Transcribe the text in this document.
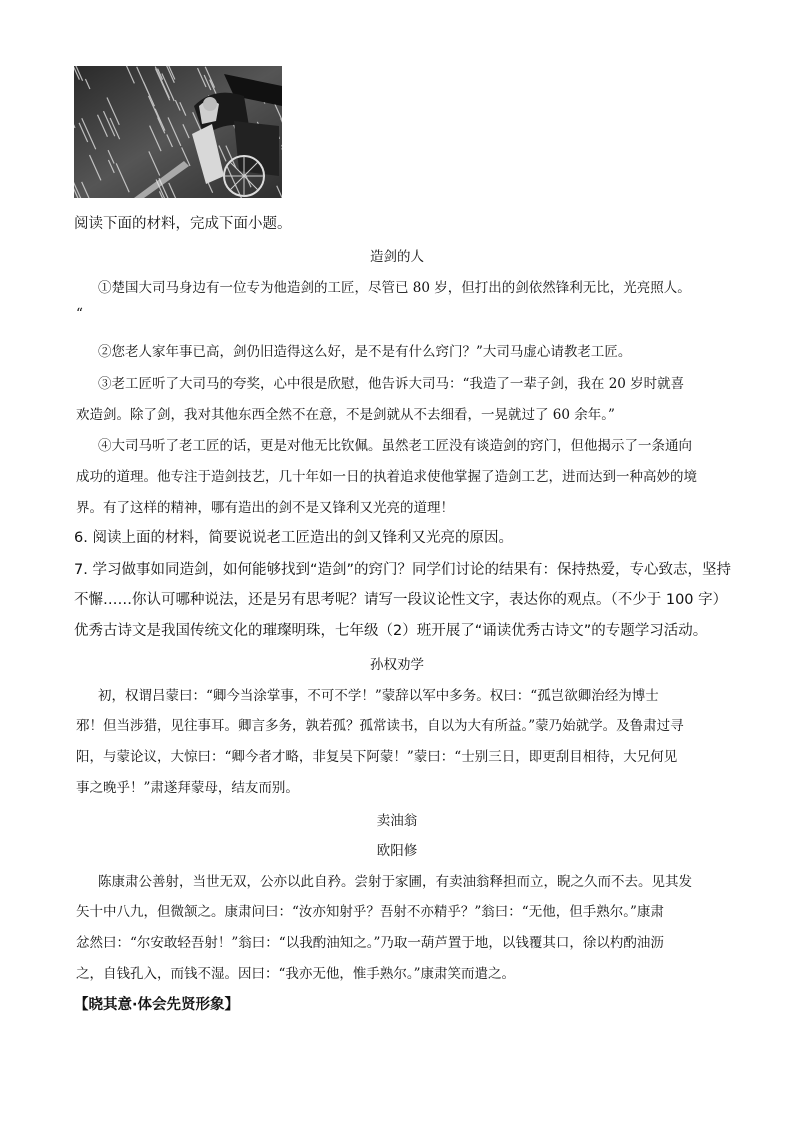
阅读下面的材料，完成下面小题。
造剑的人
①楚国大司马身边有一位专为他造剑的工匠，尽管已 80 岁，但打出的剑依然锋利无比，光亮照人。
“
②您老人家年事已高，剑仍旧造得这么好，是不是有什么窍门？”大司马虚心请教老工匠。
③老工匠听了大司马的夸奖，心中很是欣慰，他告诉大司马：“我造了一辈子剑，我在 20 岁时就喜
欢造剑。除了剑，我对其他东西全然不在意，不是剑就从不去细看，一晃就过了 60 余年。”
④大司马听了老工匠的话，更是对他无比钦佩。虽然老工匠没有谈造剑的窍门，但他揭示了一条通向
成功的道理。他专注于造剑技艺，几十年如一日的执着追求使他掌握了造剑工艺，进而达到一种高妙的境
界。有了这样的精神，哪有造出的剑不是又锋利又光亮的道理！
6. 阅读上面的材料，简要说说老工匠造出的剑又锋利又光亮的原因。
7. 学习做事如同造剑，如何能够找到“造剑”的窍门？同学们讨论的结果有：保持热爱，专心致志，坚持
不懈……你认可哪种说法，还是另有思考呢？请写一段议论性文字，表达你的观点。（不少于 100 字）
优秀古诗文是我国传统文化的璀璨明珠，七年级（2）班开展了“诵读优秀古诗文”的专题学习活动。
孙权劝学
初，权谓吕蒙曰：“卿今当涂掌事，不可不学！”蒙辞以军中多务。权曰：“孤岂欲卿治经为博士
邪！但当涉猎，见往事耳。卿言多务，孰若孤？孤常读书，自以为大有所益。”蒙乃始就学。及鲁肃过寻
阳，与蒙论议，大惊曰：“卿今者才略，非复吴下阿蒙！”蒙曰：“士别三日，即更刮目相待，大兄何见
事之晚乎！”肃遂拜蒙母，结友而别。
卖油翁
欧阳修
陈康肃公善射，当世无双，公亦以此自矜。尝射于家圃，有卖油翁释担而立，睨之久而不去。见其发
矢十中八九，但微颔之。康肃问曰：“汝亦知射乎？吾射不亦精乎？”翁曰：“无他，但手熟尔。”康肃
忿然曰：“尔安敢轻吾射！”翁曰：“以我酌油知之。”乃取一葫芦置于地，以钱覆其口，徐以杓酌油沥
之，自钱孔入，而钱不湿。因曰：“我亦无他，惟手熟尔。”康肃笑而遣之。
【晓其意·体会先贤形象】
